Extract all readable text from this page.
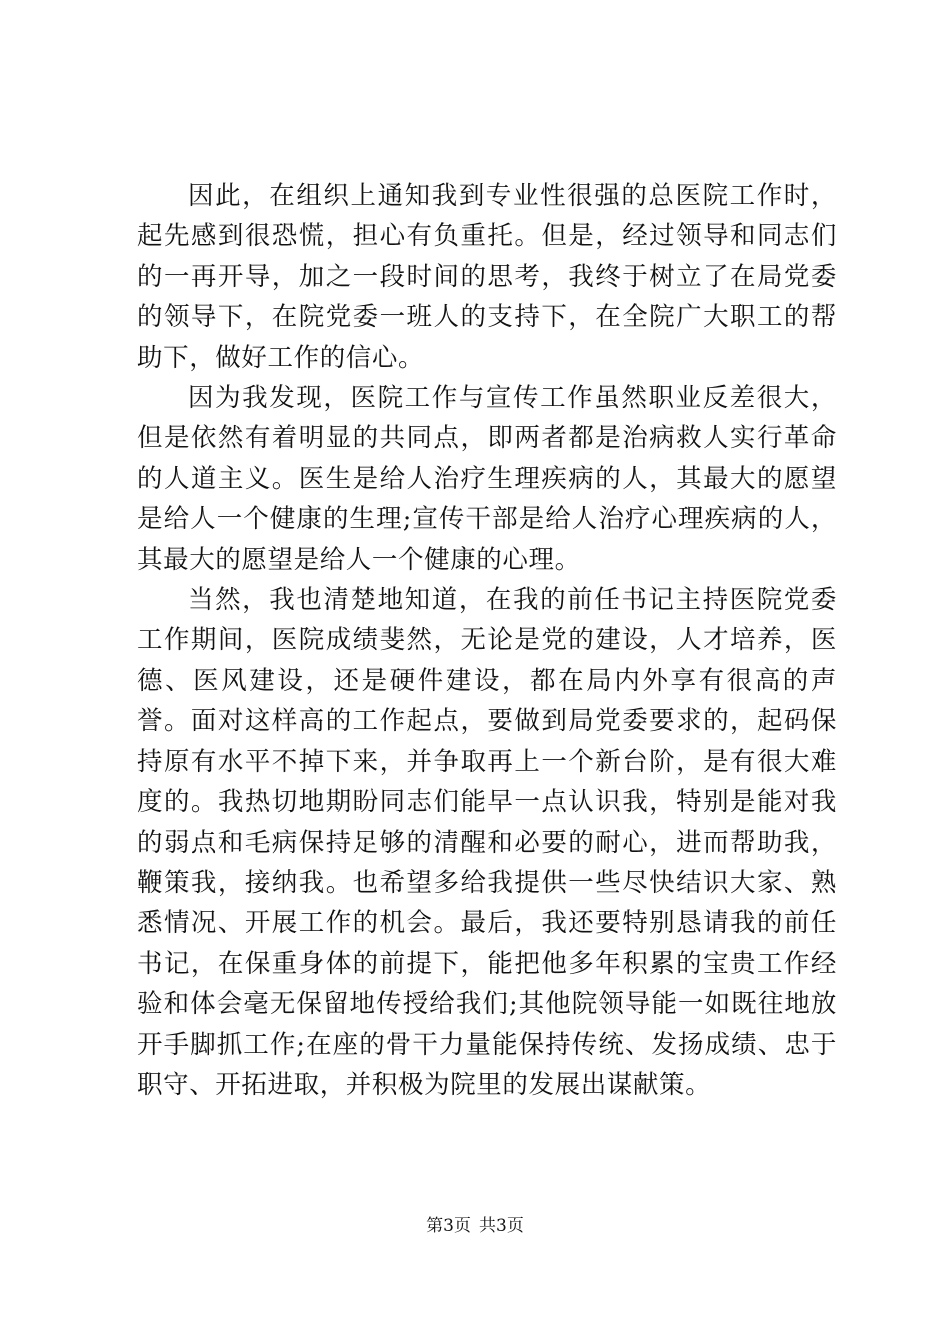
因此，在组织上通知我到专业性很强的总医院工作时，起先感到很恐慌，担心有负重托。但是，经过领导和同志们的一再开导，加之一段时间的思考，我终于树立了在局党委的领导下，在院党委一班人的支持下，在全院广大职工的帮助下，做好工作的信心。

因为我发现，医院工作与宣传工作虽然职业反差很大，但是依然有着明显的共同点，即两者都是治病救人实行革命的人道主义。医生是给人治疗生理疾病的人，其最大的愿望是给人一个健康的生理;宣传干部是给人治疗心理疾病的人，其最大的愿望是给人一个健康的心理。

当然，我也清楚地知道，在我的前任书记主持医院党委工作期间，医院成绩斐然，无论是党的建设，人才培养，医德、医风建设，还是硬件建设，都在局内外享有很高的声誉。面对这样高的工作起点，要做到局党委要求的，起码保持原有水平不掉下来，并争取再上一个新台阶，是有很大难度的。我热切地期盼同志们能早一点认识我，特别是能对我的弱点和毛病保持足够的清醒和必要的耐心，进而帮助我，鞭策我，接纳我。也希望多给我提供一些尽快结识大家、熟悉情况、开展工作的机会。最后，我还要特别恳请我的前任书记，在保重身体的前提下，能把他多年积累的宝贵工作经验和体会毫无保留地传授给我们;其他院领导能一如既往地放开手脚抓工作;在座的骨干力量能保持传统、发扬成绩、忠于职守、开拓进取，并积极为院里的发展出谋献策。

第3页 共3页
